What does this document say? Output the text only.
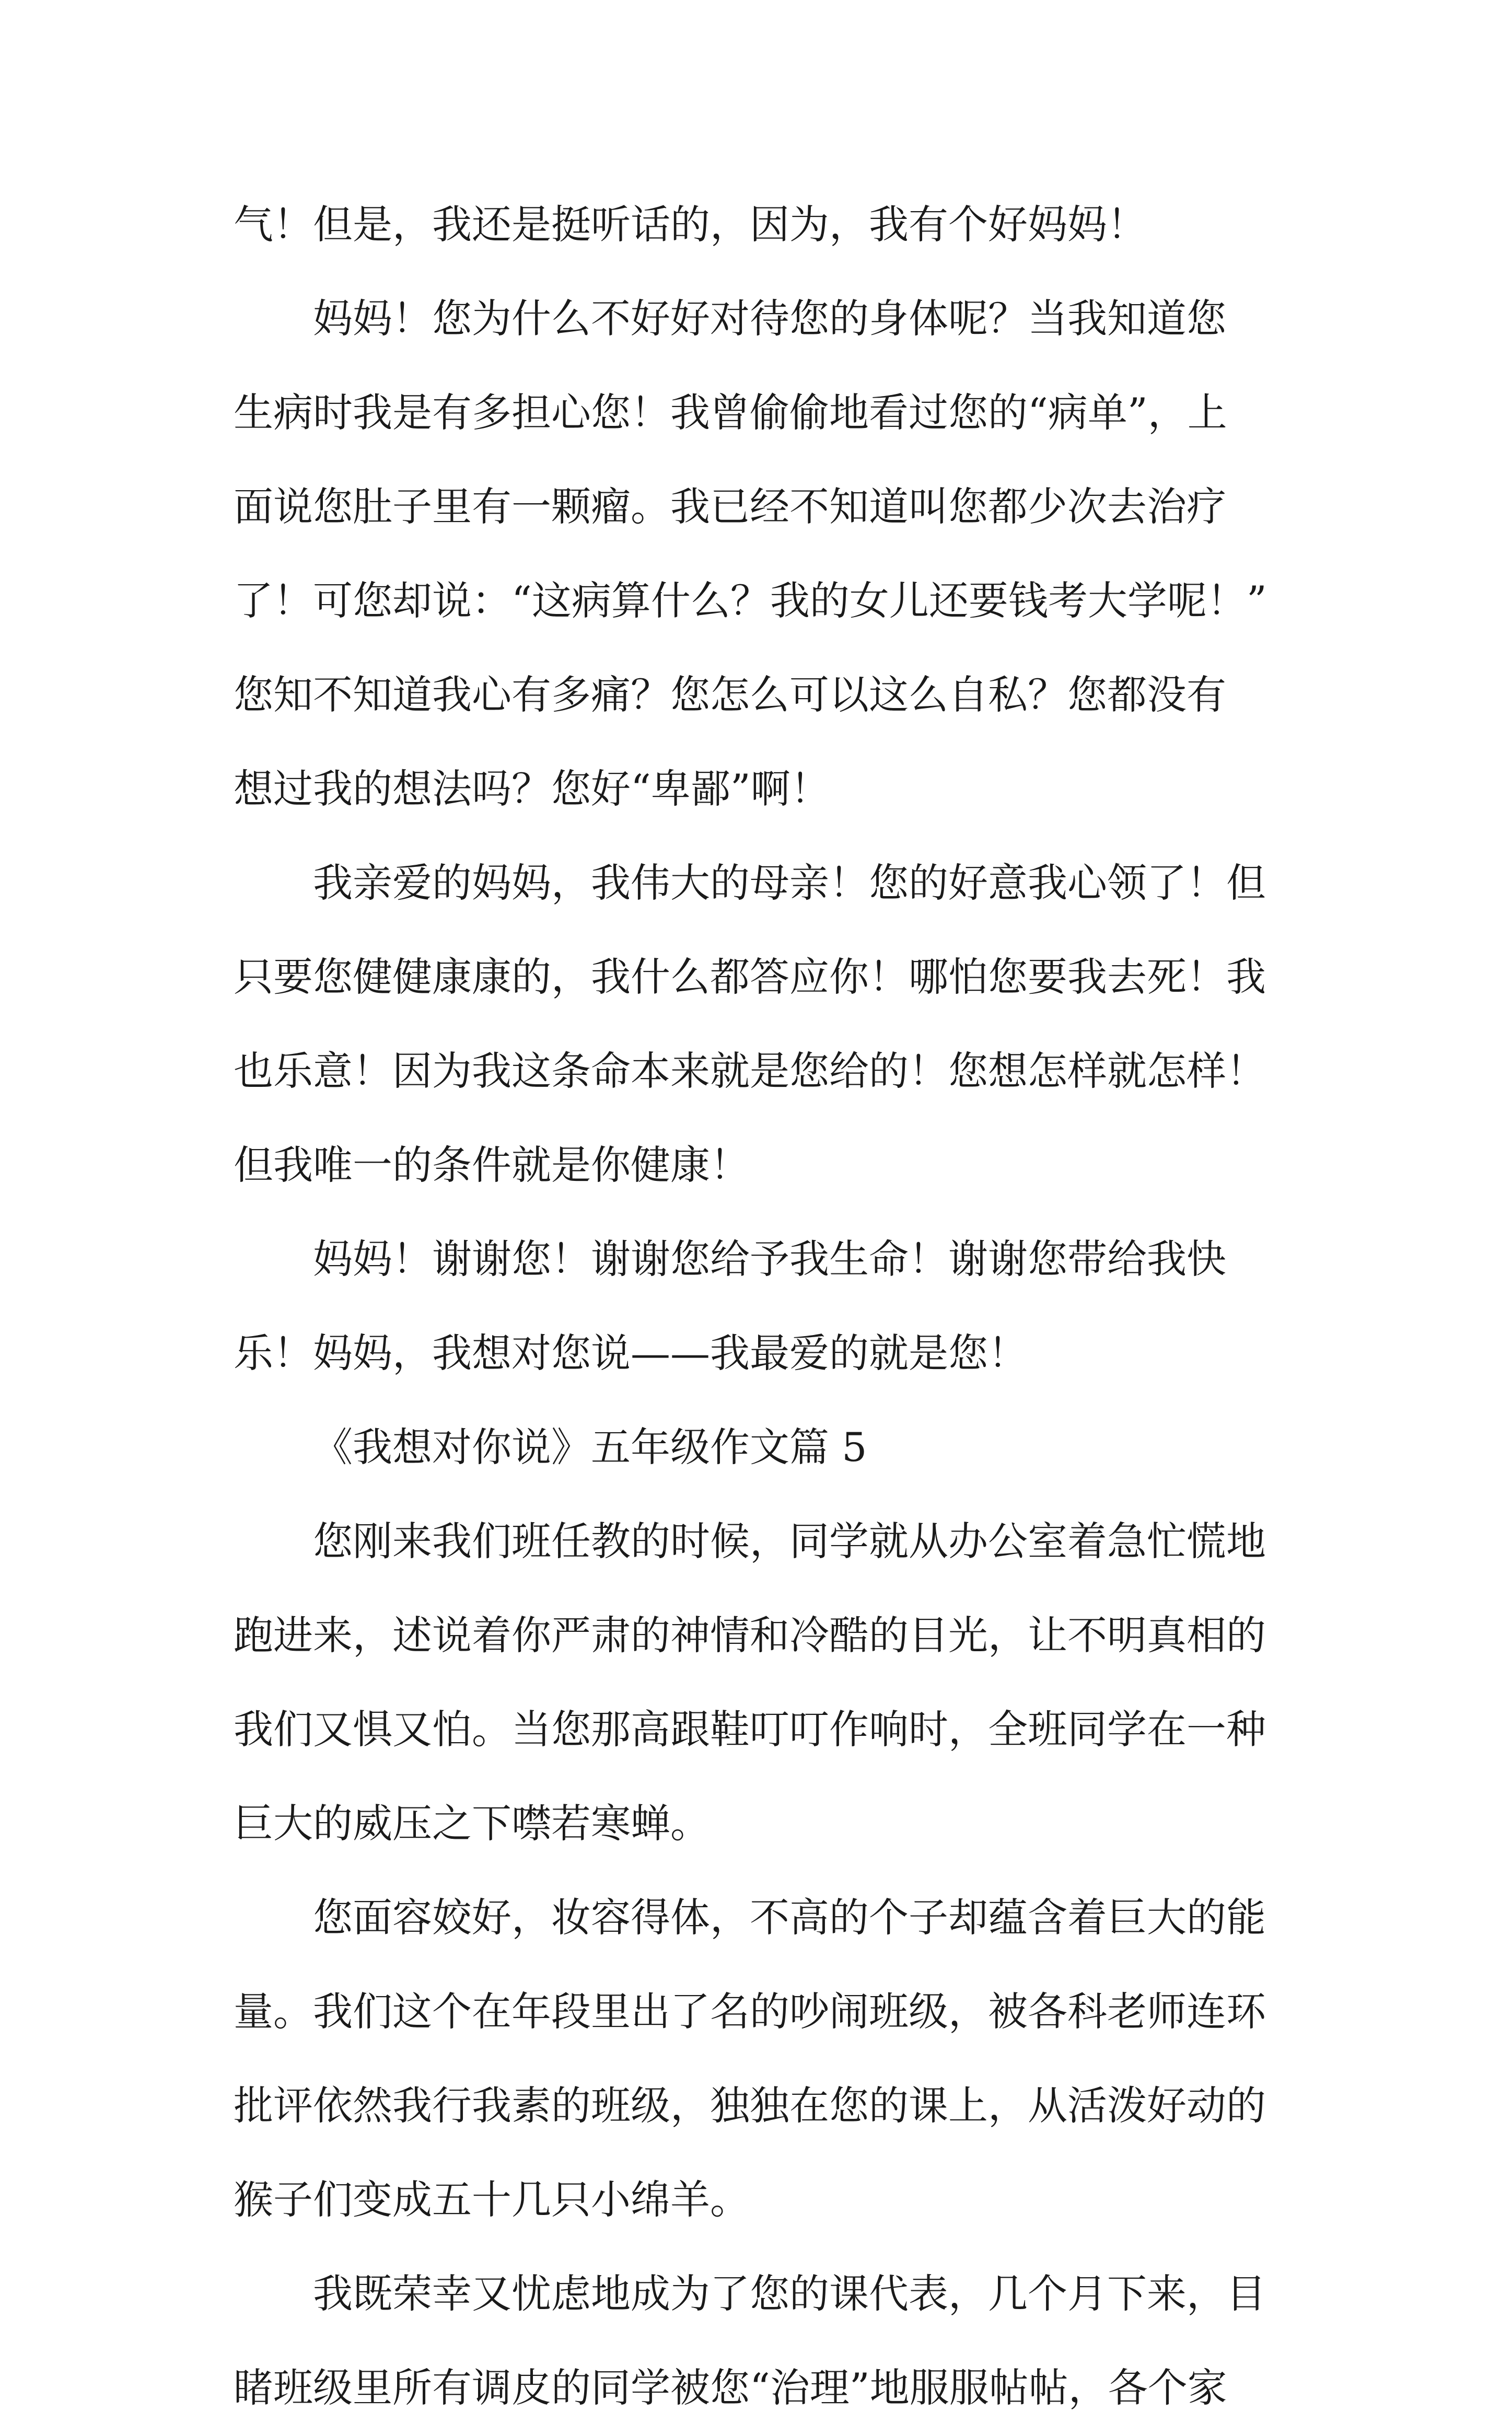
气！但是，我还是挺听话的，因为，我有个好妈妈！
妈妈！您为什么不好好对待您的身体呢？当我知道您
生病时我是有多担心您！我曾偷偷地看过您的“病单”，上
面说您肚子里有一颗瘤。我已经不知道叫您都少次去治疗
了！可您却说：“这病算什么？我的女儿还要钱考大学呢！”
您知不知道我心有多痛？您怎么可以这么自私？您都没有
想过我的想法吗？您好“卑鄙”啊！
我亲爱的妈妈，我伟大的母亲！您的好意我心领了！但
只要您健健康康的，我什么都答应你！哪怕您要我去死！我
也乐意！因为我这条命本来就是您给的！您想怎样就怎样！
但我唯一的条件就是你健康！
妈妈！谢谢您！谢谢您给予我生命！谢谢您带给我快
乐！妈妈，我想对您说——我最爱的就是您！
《我想对你说》五年级作文篇 5
您刚来我们班任教的时候，同学就从办公室着急忙慌地
跑进来，述说着你严肃的神情和冷酷的目光，让不明真相的
我们又惧又怕。当您那高跟鞋叮叮作响时，全班同学在一种
巨大的威压之下噤若寒蝉。
您面容姣好，妆容得体，不高的个子却蕴含着巨大的能
量。我们这个在年段里出了名的吵闹班级，被各科老师连环
批评依然我行我素的班级，独独在您的课上，从活泼好动的
猴子们变成五十几只小绵羊。
我既荣幸又忧虑地成为了您的课代表，几个月下来，目
睹班级里所有调皮的同学被您“治理”地服服帖帖，各个家
